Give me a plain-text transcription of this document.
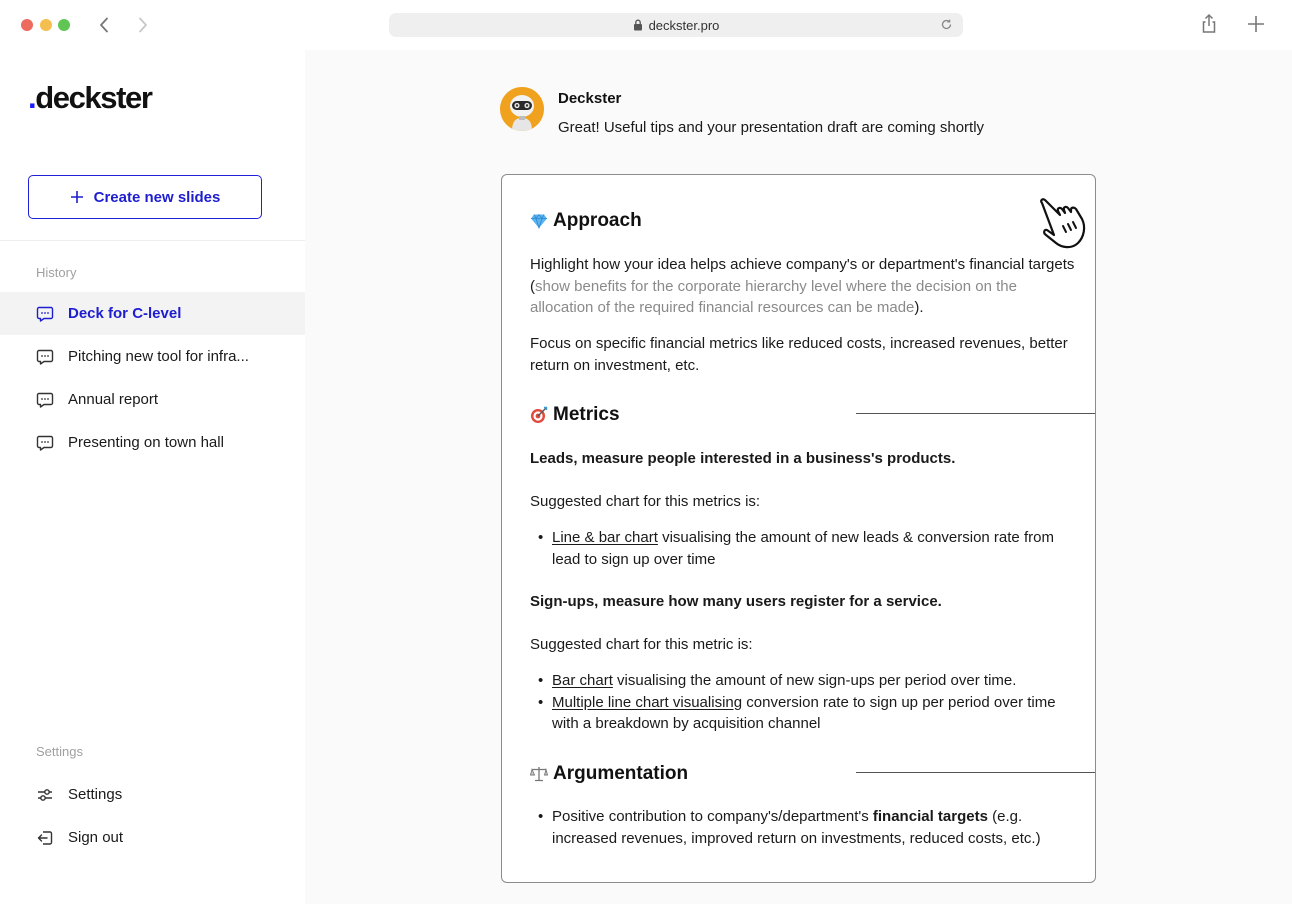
deckster.pro
.deckster
Create new slides
History
Deck for C-level
Pitching new tool for infra...
Annual report
Presenting on town hall
Settings
Settings
Sign out
Deckster
Great! Useful tips and your presentation draft are coming shortly
Approach
Highlight how your idea helps achieve company's or department's financial targets (show benefits for the corporate hierarchy level where the decision on the allocation of the required financial resources can be made).
Focus on specific financial metrics like reduced costs, increased revenues, better return on investment, etc.
Metrics
Leads, measure people interested in a business's products.
Suggested chart for this metrics is:
• Line & bar chart visualising the amount of new leads & conversion rate from lead to sign up over time
Sign-ups, measure how many users register for a service.
Suggested chart for this metric is:
• Bar chart visualising the amount of new sign-ups per period over time.
• Multiple line chart visualising conversion rate to sign up per period over time with a breakdown by acquisition channel
Argumentation
• Positive contribution to company's/department's financial targets (e.g. increased revenues, improved return on investments, reduced costs, etc.)
